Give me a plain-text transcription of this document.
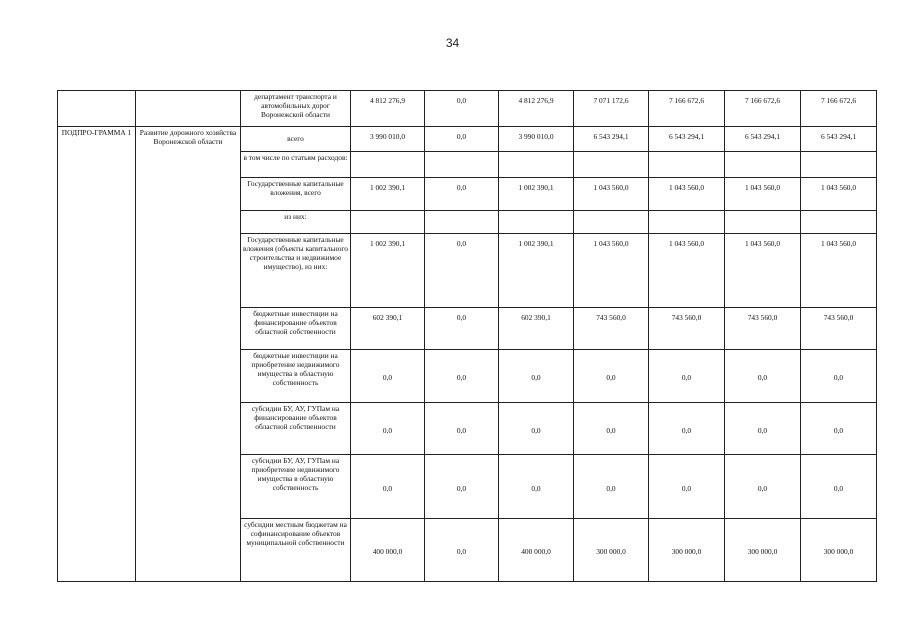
34
		департамент транспорта и автомобильных дорог Воронежской области	4 812 276,9	0,0	4 812 276,9	7 071 172,6	7 166 672,6	7 166 672,6	7 166 672,6
ПОДПРО-ГРАММА 1	Развитие дорожного хозяйства Воронежской области	всего	3 990 010,0	0,0	3 990 010,0	6 543 294,1	6 543 294,1	6 543 294,1	6 543 294,1
		в том числе по статьям расходов:							
		Государственные капитальные вложения, всего	1 002 390,1	0,0	1 002 390,1	1 043 560,0	1 043 560,0	1 043 560,0	1 043 560,0
		из них:							
		Государственные капитальные вложения (объекты капитального строительства и недвижимое имущество), из них:	1 002 390,1	0,0	1 002 390,1	1 043 560,0	1 043 560,0	1 043 560,0	1 043 560,0
		бюджетные инвестиции на финансирование объектов областной собственности	602 390,1	0,0	602 390,1	743 560,0	743 560,0	743 560,0	743 560,0
		бюджетные инвестиции на приобретение недвижимого имущества в областную собственность	0,0	0,0	0,0	0,0	0,0	0,0	0,0
		субсидии БУ, АУ, ГУПам на финансирование объектов областной собственности	0,0	0,0	0,0	0,0	0,0	0,0	0,0
		субсидии БУ, АУ, ГУПам на приобретение недвижимого имущества в областную собственность	0,0	0,0	0,0	0,0	0,0	0,0	0,0
		субсидии местным бюджетам на софинансирование объектов муниципальной собственности	400 000,0	0,0	400 000,0	300 000,0	300 000,0	300 000,0	300 000,0
